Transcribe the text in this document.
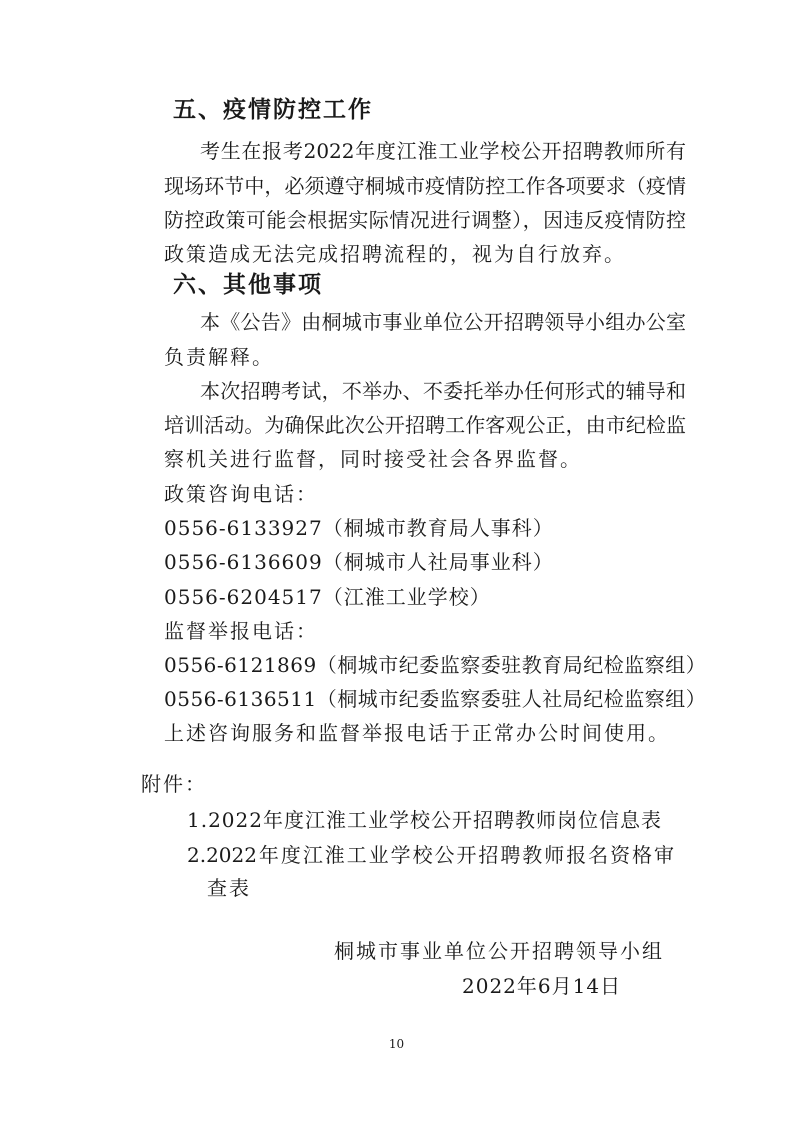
五、疫情防控工作
考生在报考2022年度江淮工业学校公开招聘教师所有
现场环节中，必须遵守桐城市疫情防控工作各项要求（疫情
防控政策可能会根据实际情况进行调整），因违反疫情防控
政策造成无法完成招聘流程的，视为自行放弃。
六、其他事项
本《公告》由桐城市事业单位公开招聘领导小组办公室
负责解释。
本次招聘考试，不举办、不委托举办任何形式的辅导和
培训活动。为确保此次公开招聘工作客观公正，由市纪检监
察机关进行监督，同时接受社会各界监督。
政策咨询电话：
0556-6133927（桐城市教育局人事科）
0556-6136609（桐城市人社局事业科）
0556-6204517（江淮工业学校）
监督举报电话：
0556-6121869（桐城市纪委监察委驻教育局纪检监察组）
0556-6136511（桐城市纪委监察委驻人社局纪检监察组）
上述咨询服务和监督举报电话于正常办公时间使用。
附件：
1.2022年度江淮工业学校公开招聘教师岗位信息表
2.2022年度江淮工业学校公开招聘教师报名资格审
查表
桐城市事业单位公开招聘领导小组
2022年6月14日
10
